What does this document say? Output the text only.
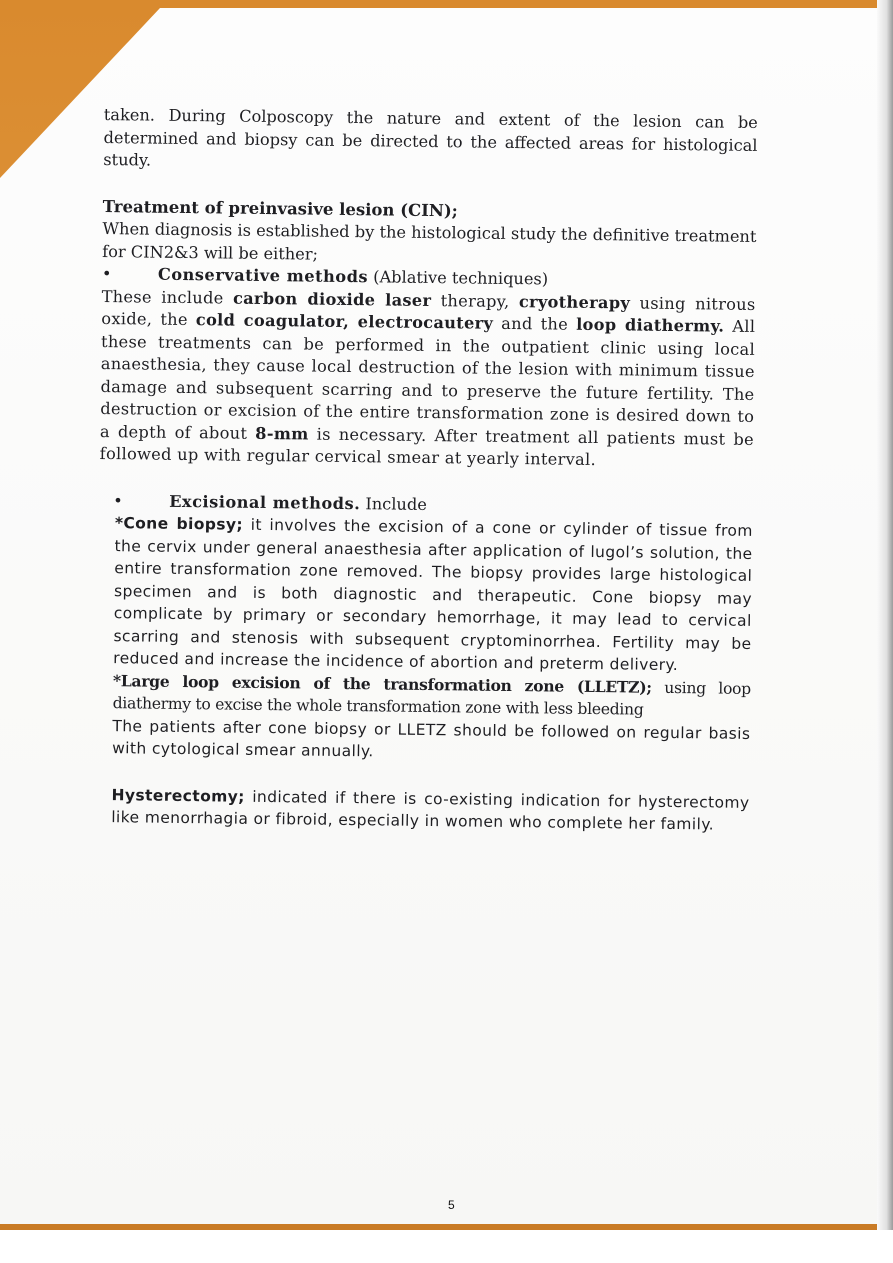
taken. During Colposcopy the nature and extent of the lesion can be determined and biopsy can be directed to the affected areas for histological study.

Treatment of preinvasive lesion (CIN);

When diagnosis is established by the histological study the definitive treatment for CIN2&3 will be either;

•	Conservative methods (Ablative techniques)

These include carbon dioxide laser therapy, cryotherapy using nitrous oxide, the cold coagulator, electrocautery and the loop diathermy. All these treatments can be performed in the outpatient clinic using local anaesthesia, they cause local destruction of the lesion with minimum tissue damage and subsequent scarring and to preserve the future fertility. The destruction or excision of the entire transformation zone is desired down to a depth of about 8-mm is necessary. After treatment all patients must be followed up with regular cervical smear at yearly interval.

•	Excisional methods. Include

*Cone biopsy; it involves the excision of a cone or cylinder of tissue from the cervix under general anaesthesia after application of lugol’s solution, the entire transformation zone removed. The biopsy provides large histological specimen and is both diagnostic and therapeutic. Cone biopsy may complicate by primary or secondary hemorrhage, it may lead to cervical scarring and stenosis with subsequent cryptominorrhea. Fertility may be reduced and increase the incidence of abortion and preterm delivery.

*Large loop excision of the transformation zone (LLETZ); using loop diathermy to excise the whole transformation zone with less bleeding

The patients after cone biopsy or LLETZ should be followed on regular basis with cytological smear annually.

Hysterectomy; indicated if there is co-existing indication for hysterectomy like menorrhagia or fibroid, especially in women who complete her family.

5
